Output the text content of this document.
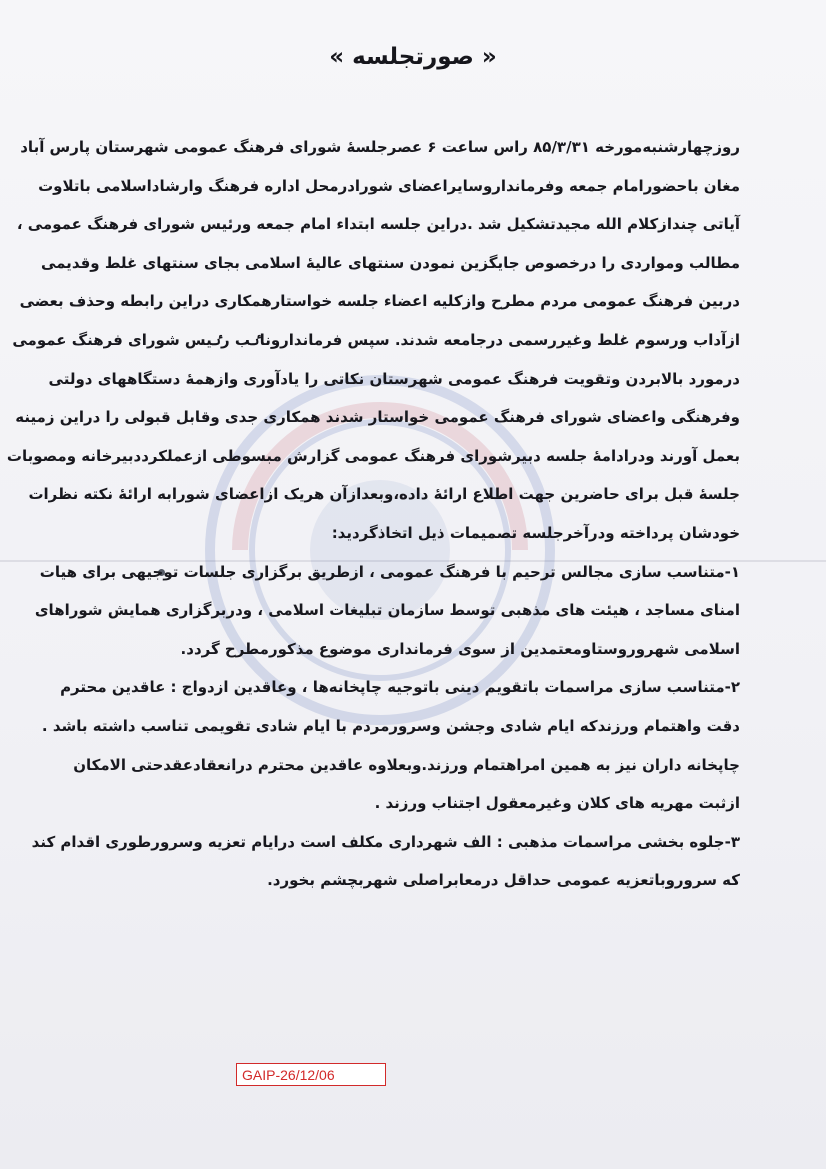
« صورتجلسه »
روزچهارشنبه‌مورخه ۸۵/۳/۳۱ راس ساعت ۶ عصرجلسهٔ شورای فرهنگ عمومی شهرستان پارس آباد
مغان باحضورامام جمعه وفرمانداروسایراعضای شورادرمحل اداره فرهنگ وارشاداسلامی باتلاوت
آیاتی چندازکلام الله مجیدتشکیل شد .دراین جلسه ابتداء امام جمعه ورئیس شورای فرهنگ عمومی ،
مطالب ومواردی را درخصوص جایگزین نمودن سنتهای عالیهٔ اسلامی بجای سنتهای غلط وقدیمی
دربین فرهنگ عمومی مردم مطرح وازکلیه اعضاء جلسه خواستارهمکاری دراین رابطه وحذف بعضی
ازآداب ورسوم غلط وغیررسمی درجامعه شدند. سپس فرمانداروناٸب رٸیس شورای فرهنگ عمومی
درمورد بالابردن وتقویت فرهنگ عمومی شهرستان نکاتی را یادآوری وازهمهٔ دستگاههای دولتی
وفرهنگی واعضای شورای فرهنگ عمومی خواستار شدند همکاری جدی وقابل قبولی را دراین زمینه
بعمل آورند ودرادامهٔ جلسه دبیرشورای فرهنگ عمومی گزارش مبسوطی ازعملکرددبیرخانه ومصوبات
جلسهٔ قبل برای حاضرین جهت اطلاع ارائهٔ داده،وبعدازآن هریک ازاعضای شورابه ارائهٔ نکته نظرات
خودشان پرداخته ودرآخرجلسه تصمیمات ذیل اتخاذگردید:
۱-متناسب سازی مجالس ترحیم با فرهنگ عمومی ، ازطریق برگزاری جلسات توجیهی برای هیات
امنای مساجد ، هیئت های مذهبی توسط سازمان تبلیغات اسلامی ، ودربرگزاری همایش شوراهای
اسلامی شهروروستاومعتمدین از سوی فرمانداری موضوع مذکورمطرح گردد.
۲-متناسب سازی مراسمات باتقویم دینی باتوجیه چاپخانه‌ها ، وعاقدین ازدواج : عاقدین محترم
دقت واهتمام ورزندکه ایام شادی وجشن وسرورمردم با ایام شادی تقویمی تناسب داشته باشد .
چاپخانه داران نیز به همین امراهتمام ورزند.وبعلاوه عاقدین محترم درانعقادعقدحتی الامکان
ازثبت مهریه های کلان وغیرمعقول اجتناب ورزند .
۳-جلوه بخشی مراسمات مذهبی : الف شهرداری مکلف است درایام تعزیه وسرورطوری اقدام کند
که سروروباتعزیه عمومی حداقل درمعابراصلی شهربچشم بخورد.
GAIP-26/12/06
